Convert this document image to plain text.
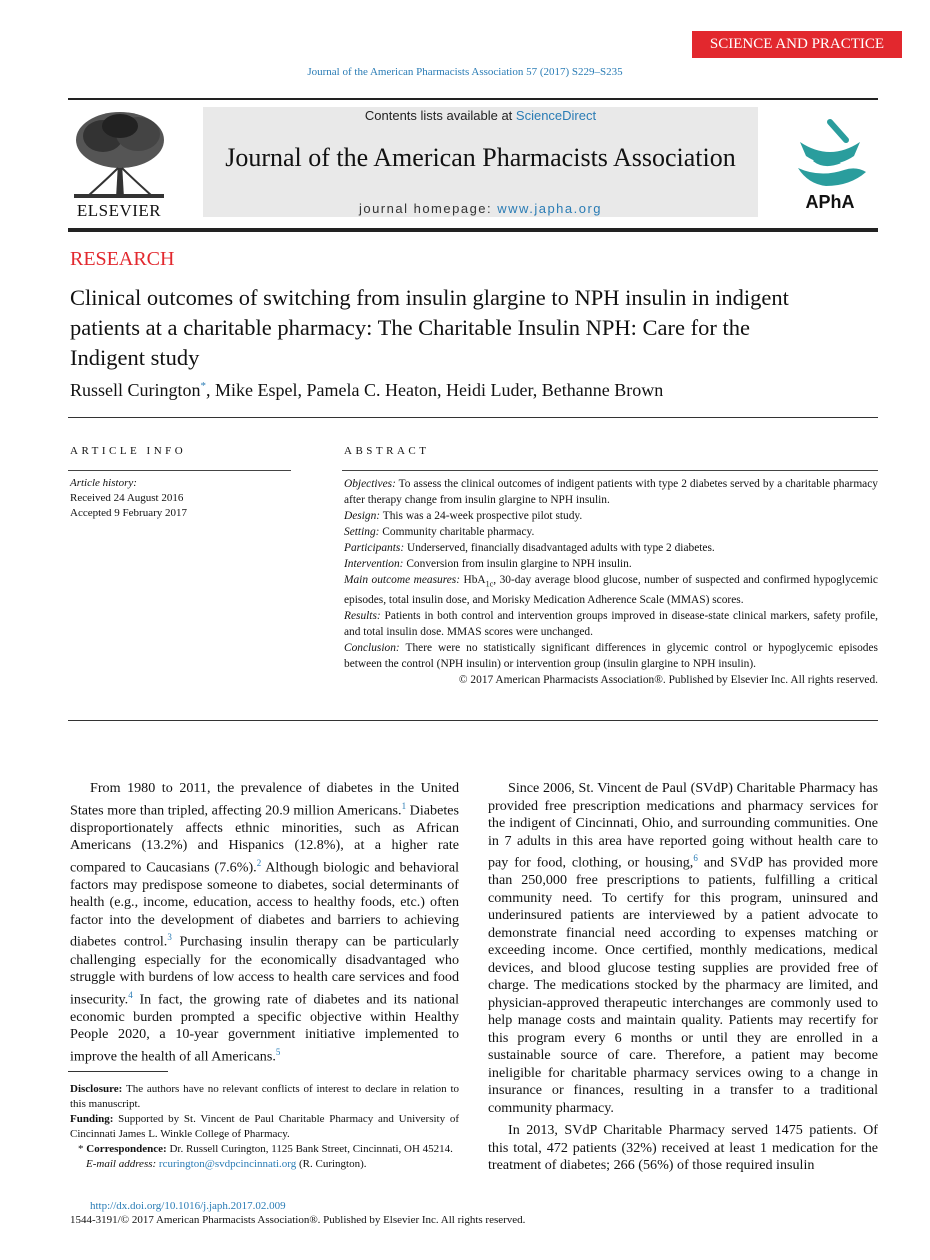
SCIENCE AND PRACTICE
Journal of the American Pharmacists Association 57 (2017) S229–S235
ELSEVIER
Contents lists available at ScienceDirect
Journal of the American Pharmacists Association
journal homepage: www.japha.org	APhA
RESEARCH
Clinical outcomes of switching from insulin glargine to NPH insulin in indigent patients at a charitable pharmacy: The Charitable Insulin NPH: Care for the Indigent study
Russell Curington*, Mike Espel, Pamela C. Heaton, Heidi Luder, Bethanne Brown
ARTICLE INFO
Article history:
Received 24 August 2016
Accepted 9 February 2017
ABSTRACT

Objectives: To assess the clinical outcomes of indigent patients with type 2 diabetes served by a charitable pharmacy after therapy change from insulin glargine to NPH insulin.

Design: This was a 24-week prospective pilot study.

Setting: Community charitable pharmacy.

Participants: Underserved, financially disadvantaged adults with type 2 diabetes.

Intervention: Conversion from insulin glargine to NPH insulin.

Main outcome measures: HbA$_{1c}$, 30-day average blood glucose, number of suspected and confirmed hypoglycemic episodes, total insulin dose, and Morisky Medication Adherence Scale (MMAS) scores.

Results: Patients in both control and intervention groups improved in disease-state clinical markers, safety profile, and total insulin dose. MMAS scores were unchanged.

Conclusion: There were no statistically significant differences in glycemic control or hypoglycemic episodes between the control (NPH insulin) or intervention group (insulin glargine to NPH insulin).

© 2017 American Pharmacists Association®. Published by Elsevier Inc. All rights reserved.

From 1980 to 2011, the prevalence of diabetes in the United States more than tripled, affecting 20.9 million Americans.$^1$ Diabetes disproportionately affects ethnic minorities, such as African Americans (13.2%) and Hispanics (12.8%), at a higher rate compared to Caucasians (7.6%).$^2$ Although biologic and behavioral factors may predispose someone to diabetes, social determinants of health (e.g., income, education, access to healthy foods, etc.) often factor into the development of diabetes and barriers to achieving diabetes control.$^3$ Purchasing insulin therapy can be particularly challenging especially for the economically disadvantaged who struggle with burdens of low access to health care services and food insecurity.$^4$ In fact, the growing rate of diabetes and its national economic burden prompted a specific objective within Healthy People 2020, a 10-year government initiative implemented to improve the health of all Americans.$^5$

Since 2006, St. Vincent de Paul (SVdP) Charitable Pharmacy has provided free prescription medications and pharmacy services for the indigent of Cincinnati, Ohio, and surrounding communities. One in 7 adults in this area have reported going without health care to pay for food, clothing, or housing,$^6$ and SVdP has provided more than 250,000 free prescriptions to patients, fulfilling a critical community need. To certify for this program, uninsured and underinsured patients are interviewed by a patient advocate to demonstrate financial need according to expenses matching or exceeding income. Once certified, monthly medications, medical devices, and blood glucose testing supplies are provided free of charge. The medications stocked by the pharmacy are limited, and physician-approved therapeutic interchanges are commonly used to help manage costs and maintain quality. Patients may recertify for this program every 6 months or until they are enrolled in a sustainable source of care. Therefore, a patient may become ineligible for charitable pharmacy services owing to a change in insurance or finances, resulting in a transfer to a traditional community pharmacy.

In 2013, SVdP Charitable Pharmacy served 1475 patients. Of this total, 472 patients (32%) received at least 1 medication for the treatment of diabetes; 266 (56%) of those required insulin

Disclosure: The authors have no relevant conflicts of interest to declare in relation to this manuscript.

Funding: Supported by St. Vincent de Paul Charitable Pharmacy and University of Cincinnati James L. Winkle College of Pharmacy.

* Correspondence: Dr. Russell Curington, 1125 Bank Street, Cincinnati, OH 45214.

E-mail address: rcurington@svdpcincinnati.org (R. Curington).

http://dx.doi.org/10.1016/j.japh.2017.02.009
1544-3191/© 2017 American Pharmacists Association®. Published by Elsevier Inc. All rights reserved.
